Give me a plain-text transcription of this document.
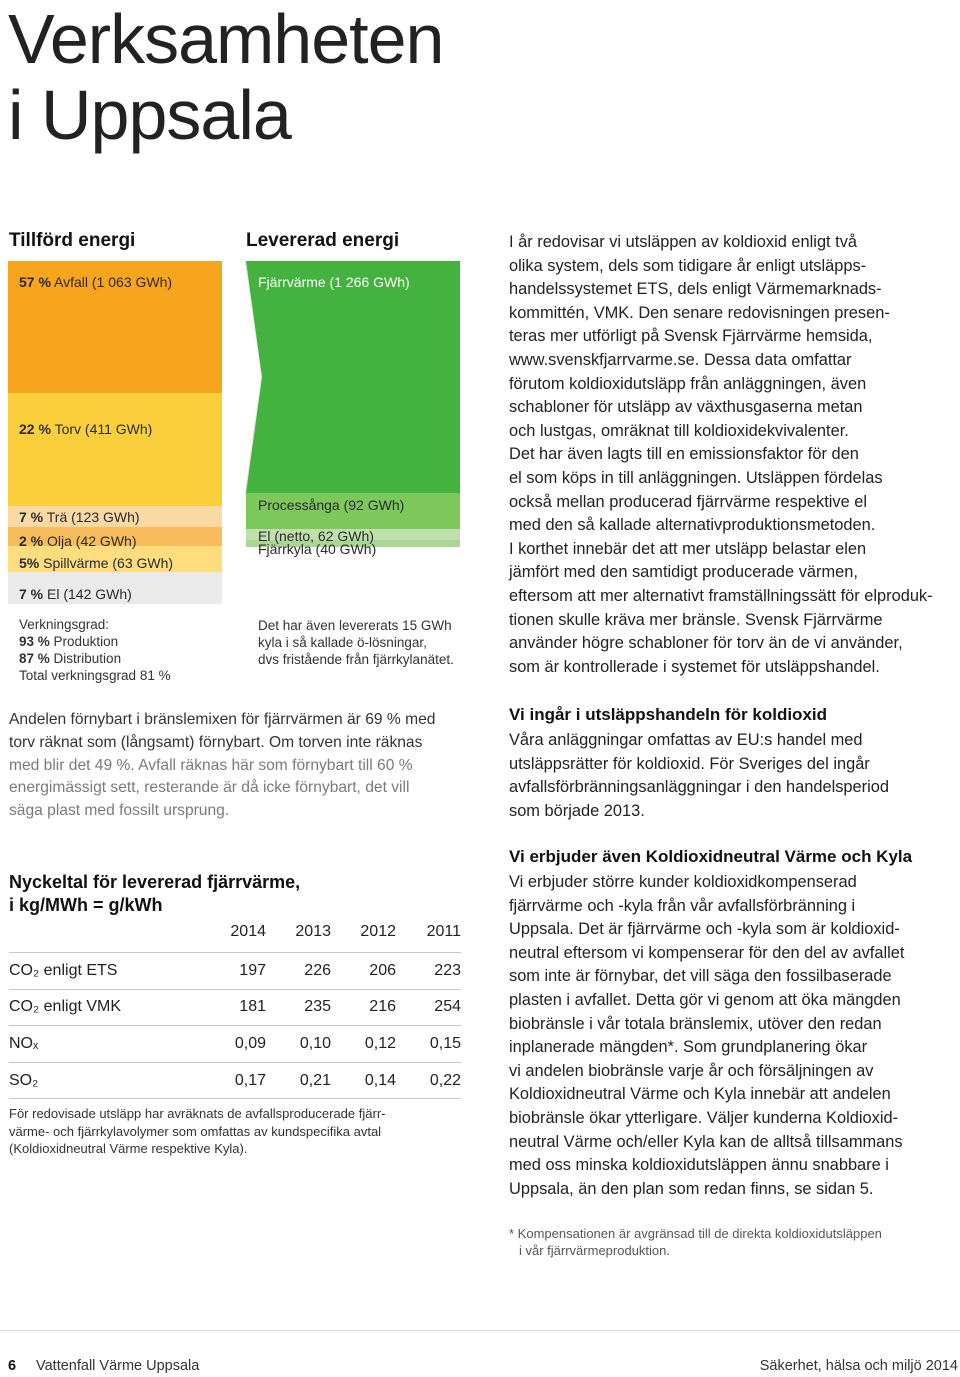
Verksamheten
i Uppsala
Tillförd energi	Levererad energi
57 % Avfall (1 063 GWh)
22 % Torv (411 GWh)
7 % Trä (123 GWh)
2 % Olja (42 GWh)
5% Spillvärme (63 GWh)
7 % El (142 GWh)
Verkningsgrad:
93 % Produktion
87 % Distribution
Total verkningsgrad 81 %
Fjärrvärme (1 266 GWh)
Processånga (92 GWh)
El (netto, 62 GWh)
Fjärrkyla (40 GWh)
Det har även levererats 15 GWh
kyla i så kallade ö-lösningar,
dvs fristående från fjärrkylanätet.
Andelen förnybart i bränslemixen för fjärrvärmen är 69 % med
torv räknat som (långsamt) förnybart. Om torven inte räknas
med blir det 49 %. Avfall räknas här som förnybart till 60 %
energimässigt sett, resterande är då icke förnybart, det vill
säga plast med fossilt ursprung.
Nyckeltal för levererad fjärrvärme,
i kg/MWh = g/kWh
	2014	2013	2012	2011
CO₂ enligt ETS	197	226	206	223
CO₂ enligt VMK	181	235	216	254
NOₓ	0,09	0,10	0,12	0,15
SO₂	0,17	0,21	0,14	0,22
För redovisade utsläpp har avräknats de avfallsproducerade fjärr-
värme- och fjärrkylavolymer som omfattas av kundspecifika avtal
(Koldioxidneutral Värme respektive Kyla).
I år redovisar vi utsläppen av koldioxid enligt två
olika system, dels som tidigare år enligt utsläpps-
handelssystemet ETS, dels enligt Värmemarknads-
kommittén, VMK. Den senare redovisningen presen-
teras mer utförligt på Svensk Fjärrvärme hemsida,
www.svenskfjarrvarme.se. Dessa data omfattar
förutom koldioxidutsläpp från anläggningen, även
schabloner för utsläpp av växthusgaserna metan
och lustgas, omräknat till koldioxidekvivalenter.
Det har även lagts till en emissionsfaktor för den
el som köps in till anläggningen. Utsläppen fördelas
också mellan producerad fjärrvärme respektive el
med den så kallade alternativproduktionsmetoden.
I korthet innebär det att mer utsläpp belastar elen
jämfört med den samtidigt producerade värmen,
eftersom att mer alternativt framställningssätt för elproduk-
tionen skulle kräva mer bränsle. Svensk Fjärrvärme
använder högre schabloner för torv än de vi använder,
som är kontrollerade i systemet för utsläppshandel.
Vi ingår i utsläppshandeln för koldioxid
Våra anläggningar omfattas av EU:s handel med
utsläppsrätter för koldioxid. För Sveriges del ingår
avfallsförbränningsanläggningar i den handelsperiod
som började 2013.
Vi erbjuder även Koldioxidneutral Värme och Kyla
Vi erbjuder större kunder koldioxidkompenserad
fjärrvärme och -kyla från vår avfallsförbränning i
Uppsala. Det är fjärrvärme och -kyla som är koldioxid-
neutral eftersom vi kompenserar för den del av avfallet
som inte är förnybar, det vill säga den fossilbaserade
plasten i avfallet. Detta gör vi genom att öka mängden
biobränsle i vår totala bränslemix, utöver den redan
inplanerade mängden*. Som grundplanering ökar
vi andelen biobränsle varje år och försäljningen av
Koldioxidneutral Värme och Kyla innebär att andelen
biobränsle ökar ytterligare. Väljer kunderna Koldioxid-
neutral Värme och/eller Kyla kan de alltså tillsammans
med oss minska koldioxidutsläppen ännu snabbare i
Uppsala, än den plan som redan finns, se sidan 5.
* Kompensationen är avgränsad till de direkta koldioxidutsläppen
i vår fjärrvärmeproduktion.
6 Vattenfall Värme Uppsala	Säkerhet, hälsa och miljö 2014
